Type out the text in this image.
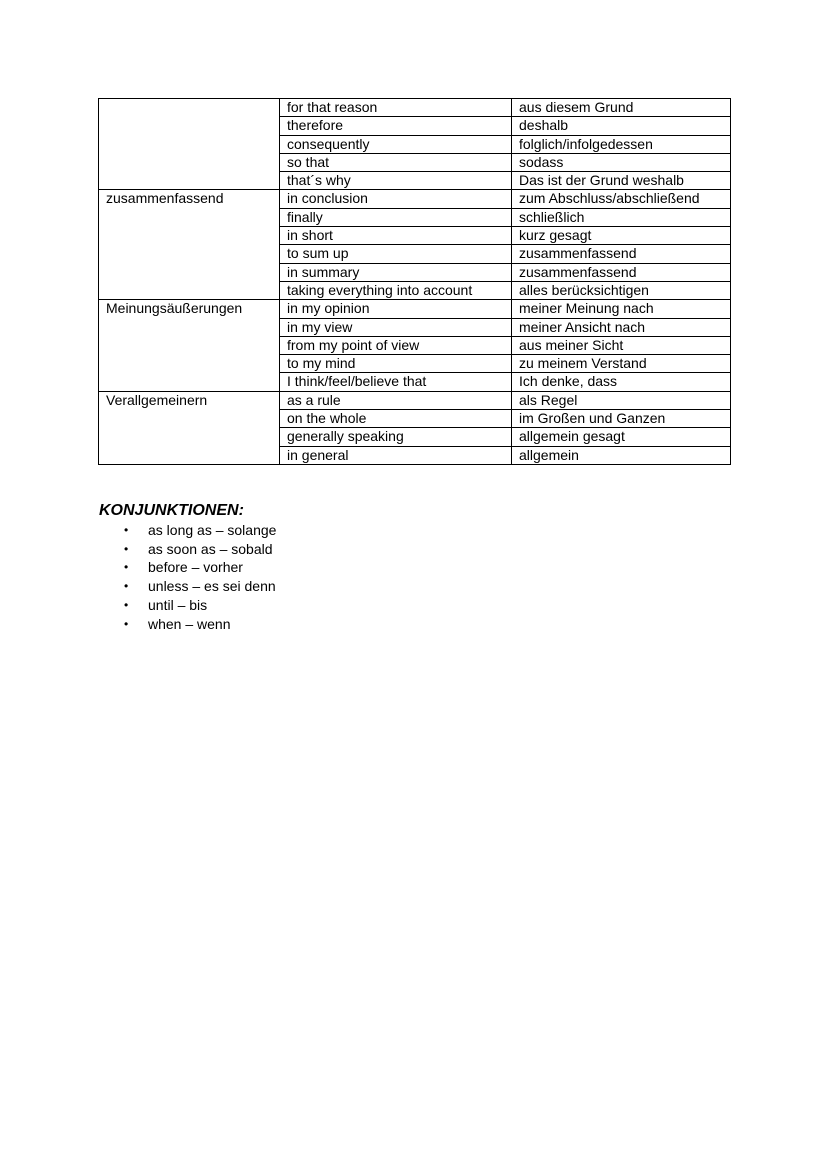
	for that reason	aus diesem Grund
	therefore	deshalb
	consequently	folglich/infolgedessen
	so that	sodass
	that´s why	Das ist der Grund weshalb
zusammenfassend	in conclusion	zum Abschluss/abschließend
	finally	schließlich
	in short	kurz gesagt
	to sum up	zusammenfassend
	in summary	zusammenfassend
	taking everything into account	alles berücksichtigen
Meinungsäußerungen	in my opinion	meiner Meinung nach
	in my view	meiner Ansicht nach
	from my point of view	aus meiner Sicht
	to my mind	zu meinem Verstand
	I think/feel/believe that	Ich denke, dass
Verallgemeinern	as a rule	als Regel
	on the whole	im Großen und Ganzen
	generally speaking	allgemein gesagt
	in general	allgemein
KONJUNKTIONEN:
• as long as – solange
• as soon as – sobald
• before – vorher
• unless – es sei denn
• until – bis
• when – wenn
